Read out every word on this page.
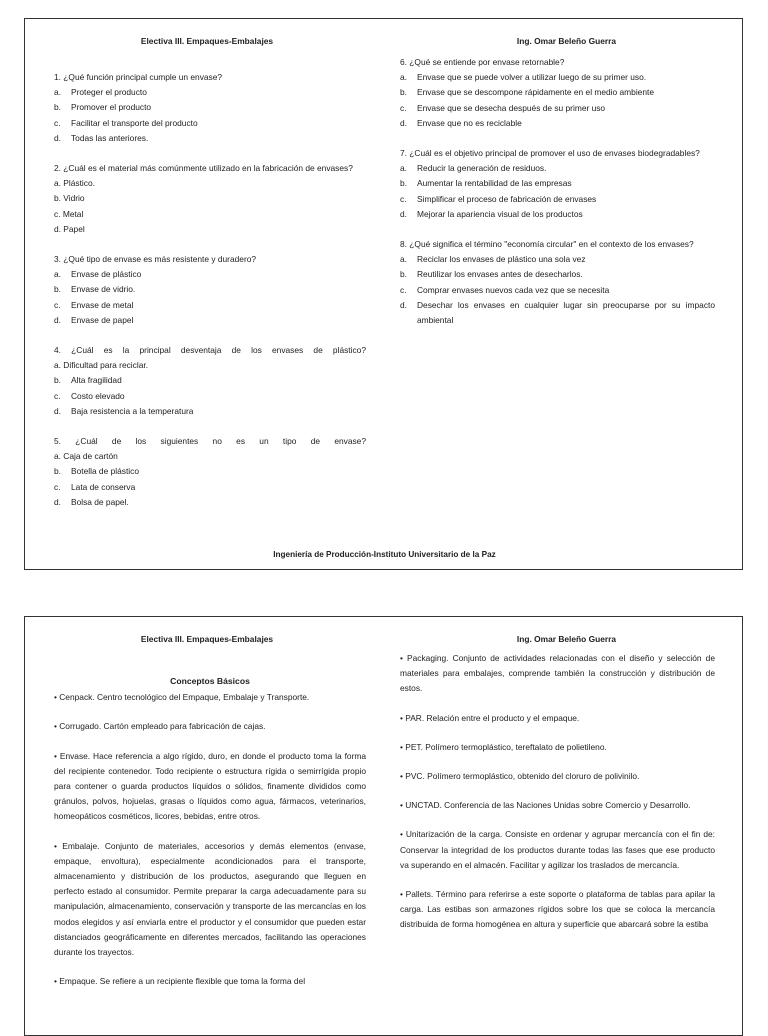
Electiva III. Empaques-Embalajes	Ing. Omar Beleño Guerra
1. ¿Qué función principal cumple un envase?
a. Proteger el producto
b. Promover el producto
c. Facilitar el transporte del producto
d. Todas las anteriores.
2. ¿Cuál es el material más comúnmente utilizado en la fabricación de envases?
a. Plástico.
b. Vidrio
c. Metal
d. Papel
3. ¿Qué tipo de envase es más resistente y duradero?
a. Envase de plástico
b. Envase de vidrio.
c. Envase de metal
d. Envase de papel
4. ¿Cuál es la principal desventaja de los envases de plástico?
a. Dificultad para reciclar.
b. Alta fragilidad
c. Costo elevado
d. Baja resistencia a la temperatura
5. ¿Cuál de los siguientes no es un tipo de envase?
a. Caja de cartón
b. Botella de plástico
c. Lata de conserva
d. Bolsa de papel.
6. ¿Qué se entiende por envase retornable?
a. Envase que se puede volver a utilizar luego de su primer uso.
b. Envase que se descompone rápidamente en el medio ambiente
c. Envase que se desecha después de su primer uso
d. Envase que no es reciclable
7. ¿Cuál es el objetivo principal de promover el uso de envases biodegradables?
a. Reducir la generación de residuos.
b. Aumentar la rentabilidad de las empresas
c. Simplificar el proceso de fabricación de envases
d. Mejorar la apariencia visual de los productos
8. ¿Qué significa el término "economía circular" en el contexto de los envases?
a. Reciclar los envases de plástico una sola vez
b. Reutilizar los envases antes de desecharlos.
c. Comprar envases nuevos cada vez que se necesita
d. Desechar los envases en cualquier lugar sin preocuparse por su impacto ambiental
Ingeniería de Producción-Instituto Universitario de la Paz
Electiva III. Empaques-Embalajes	Ing. Omar Beleño Guerra
Conceptos Básicos

• Cenpack. Centro tecnológico del Empaque, Embalaje y Transporte.

• Corrugado. Cartón empleado para fabricación de cajas.

• Envase. Hace referencia a algo rígido, duro, en donde el producto toma la forma del recipiente contenedor. Todo recipiente o estructura rígida o semirrígida propio para contener o guarda productos líquidos o sólidos, finamente divididos como gránulos, polvos, hojuelas, grasas o líquidos como agua, fármacos, veterinarios, homeopáticos cosméticos, licores, bebidas, entre otros.

• Embalaje. Conjunto de materiales, accesorios y demás elementos (envase, empaque, envoltura), especialmente acondicionados para el transporte, almacenamiento y distribución de los productos, asegurando que lleguen en perfecto estado al consumidor. Permite preparar la carga adecuadamente para su manipulación, almacenamiento, conservación y transporte de las mercancías en los modos elegidos y así enviarla entre el productor y el consumidor que pueden estar distanciados geográficamente en diferentes mercados, facilitando las operaciones durante los trayectos.

• Empaque. Se refiere a un recipiente flexible que toma la forma del

• Packaging. Conjunto de actividades relacionadas con el diseño y selección de materiales para embalajes, comprende también la construcción y distribución de estos.

• PAR. Relación entre el producto y el empaque.

• PET. Polímero termoplástico, tereftalato de polietileno.

• PVC. Polímero termoplástico, obtenido del cloruro de polivinilo.

• UNCTAD. Conferencia de las Naciones Unidas sobre Comercio y Desarrollo.

• Unitarización de la carga. Consiste en ordenar y agrupar mercancía con el fin de: Conservar la integridad de los productos durante todas las fases que ese producto va superando en el almacén. Facilitar y agilizar los traslados de mercancía.

• Pallets. Término para referirse a este soporte o plataforma de tablas para apilar la carga. Las estibas son armazones rígidos sobre los que se coloca la mercancía distribuida de forma homogénea en altura y superficie que abarcará sobre la estiba
